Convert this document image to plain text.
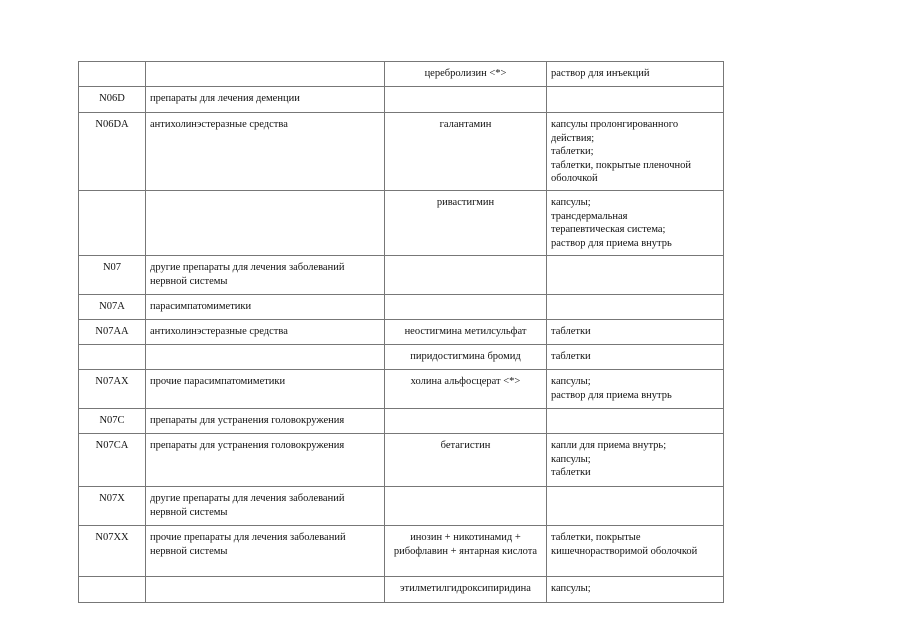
		церебролизин <*>	раствор для инъекций

N06D	препараты для лечения деменции		
N06DA	антихолинэстеразные средства	галантамин	капсулы пролонгированного
действия;
таблетки;
таблетки, покрытые пленочной
оболочкой

		ривастигмин	капсулы;
трансдермальная
терапевтическая система;
раствор для приема внутрь

N07	другие препараты для лечения заболеваний нервной системы		
N07A	парасимпатомиметики		
N07AA	антихолинэстеразные средства	неостигмина метилсульфат	таблетки

		пиридостигмина бромид	таблетки

N07AX	прочие парасимпатомиметики	холина альфосцерат <*>	капсулы;
раствор для приема внутрь

N07C	препараты для устранения головокружения		
N07CA	препараты для устранения головокружения	бетагистин	капли для приема внутрь;
капсулы;
таблетки

N07X	другие препараты для лечения заболеваний нервной системы		
N07XX	прочие препараты для лечения заболеваний нервной системы	инозин + никотинамид + рибофлавин + янтарная кислота	таблетки, покрытые
кишечнорастворимой оболочкой

		этилметилгидроксипиридина	капсулы;
